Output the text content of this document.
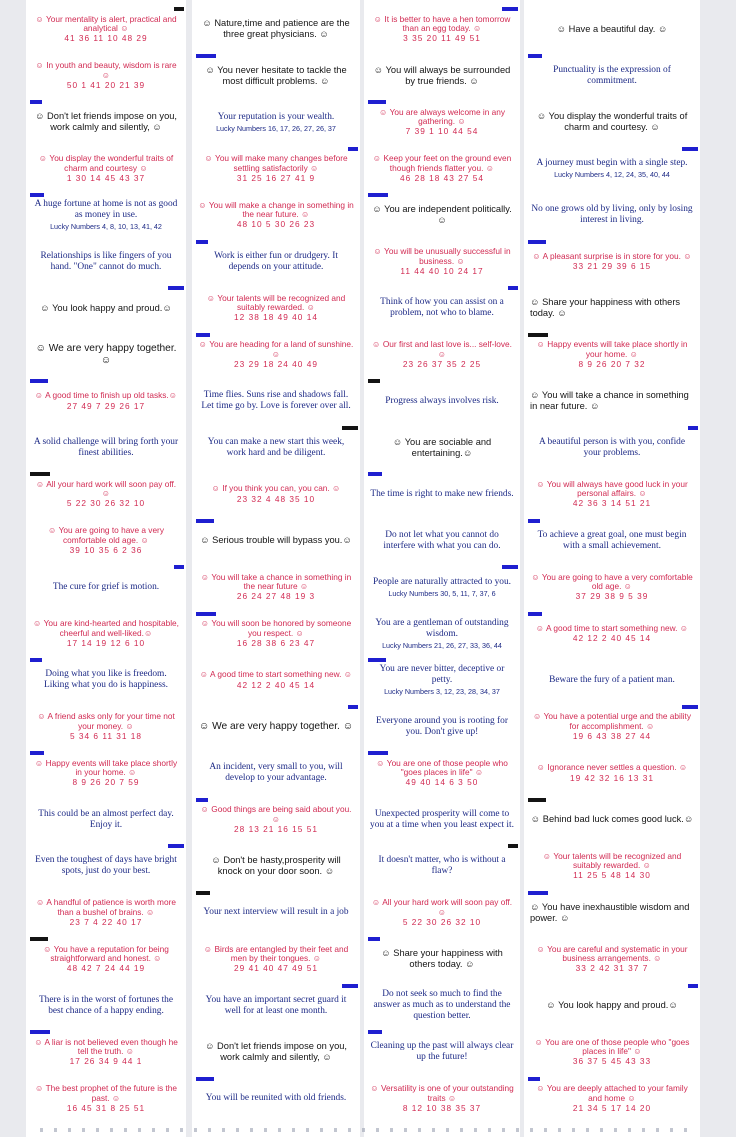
☺ Your mentality is alert, practical and analytical ☺
41 36 11 10 48 29
☺ In youth and beauty, wisdom is rare ☺
50 1 41 20 21 39
☺ Don't let friends impose on you, work calmly and silently, ☺
☺ You display the wonderful traits of charm and courtesy ☺
1 30 14 45 43 37
A huge fortune at home is not as good as money in use.
Lucky Numbers 4, 8, 10, 13, 41, 42
Relationships is like fingers of you hand. "One" cannot do much.
☺ You look happy and proud.☺
☺ We are very happy together. ☺
☺ A good time to finish up old tasks.☺
27 49 7 29 26 17
A solid challenge will bring forth your finest abilities.
☺ All your hard work will soon pay off. ☺
5 22 30 26 32 10
☺ You are going to have a very comfortable old age. ☺
39 10 35 6 2 36
The cure for grief is motion.
☺ You are kind-hearted and hospitable, cheerful and well-liked.☺
17 14 19 12 6 10
Doing what you like is freedom. Liking what you do is happiness.
☺ A friend asks only for your time not your money. ☺
5 34 6 11 31 18
☺ Happy events will take place shortly in your home. ☺
8 9 26 20 7 59
This could be an almost perfect day. Enjoy it.
Even the toughest of days have bright spots, just do your best.
☺ A handful of patience is worth more than a bushel of brains. ☺
23 7 4 22 40 17
☺ You have a reputation for being straightforward and honest. ☺
48 42 7 24 44 19
There is in the worst of fortunes the best chance of a happy ending.
☺ A liar is not believed even though he tell the truth. ☺
17 26 34 9 44 1
☺ The best prophet of the future is the past. ☺
16 45 31 8 25 51
☺ Nature,time and patience are the three great physicians. ☺
☺ You never hesitate to tackle the most difficult problems. ☺
Your reputation is your wealth.
Lucky Numbers 16, 17, 26, 27, 26, 37
☺ You will make many changes before settling satisfactorily ☺
31 25 16 27 41 9
☺ You will make a change in something in the near future. ☺
48 10 5 30 26 23
Work is either fun or drudgery. It depends on your attitude.
☺ Your talents will be recognized and suitably rewarded. ☺
12 38 18 49 40 14
☺ You are heading for a land of sunshine. ☺
23 29 18 24 40 49
Time flies. Suns rise and shadows fall. Let time go by. Love is forever over all.
You can make a new start this week, work hard and be diligent.
☺ If you think you can, you can. ☺
23 32 4 48 35 10
☺ Serious trouble will bypass you.☺
☺ You will take a chance in something in the near future ☺
26 24 27 48 19 3
☺ You will soon be honored by someone you respect. ☺
16 28 38 6 23 47
☺ A good time to start something new. ☺
42 12 2 40 45 14
☺ We are very happy together. ☺
An incident, very small to you, will develop to your advantage.
☺ Good things are being said about you. ☺
28 13 21 16 15 51
☺ Don't be hasty,prosperity will knock on your door soon. ☺
Your next interview will result in a job
☺ Birds are entangled by their feet and men by their tongues. ☺
29 41 40 47 49 51
You have an important secret guard it well for at least one month.
☺ Don't let friends impose on you, work calmly and silently, ☺
You will be reunited with old friends.
☺ It is better to have a hen tomorrow than an egg today. ☺
3 35 20 11 49 51
☺ You will always be surrounded by true friends. ☺
☺ You are always welcome in any gathering. ☺
7 39 1 10 44 54
☺ Keep your feet on the ground even though friends flatter you. ☺
46 28 18 43 27 54
☺ You are independent politically. ☺
☺ You will be unusually successful in business. ☺
11 44 40 10 24 17
Think of how you can assist on a problem, not who to blame.
☺ Our first and last love is... self-love. ☺
23 26 37 35 2 25
Progress always involves risk.
☺ You are sociable and entertaining.☺
The time is right to make new friends.
Do not let what you cannot do interfere with what you can do.
People are naturally attracted to you.
Lucky Numbers 30, 5, 11, 7, 37, 6
You are a gentleman of outstanding wisdom.
Lucky Numbers 21, 26, 27, 33, 36, 44
You are never bitter, deceptive or petty.
Lucky Numbers 3, 12, 23, 28, 34, 37
Everyone around you is rooting for you. Don't give up!
☺ You are one of those people who "goes places in life" ☺
49 40 14 6 3 50
Unexpected prosperity will come to you at a time when you least expect it.
It doesn't matter, who is without a flaw?
☺ All your hard work will soon pay off. ☺
5 22 30 26 32 10
☺ Share your happiness with others today. ☺
Do not seek so much to find the answer as much as to understand the question better.
Cleaning up the past will always clear up the future!
☺ Versatility is one of your outstanding traits ☺
8 12 10 38 35 37
☺ Have a beautiful day. ☺
Punctuality is the expression of commitment.
☺ You display the wonderful traits of charm and courtesy. ☺
A journey must begin with a single step.
Lucky Numbers 4, 12, 24, 35, 40, 44
No one grows old by living, only by losing interest in living.
☺ A pleasant surprise is in store for you. ☺
33 21 29 39 6 15
☺ Share your happiness with others today. ☺
☺ Happy events will take place shortly in your home. ☺
8 9 26 20 7 32
☺ You will take a chance in something in near future. ☺
A beautiful person is with you, confide your problems.
☺ You will always have good luck in your personal affairs. ☺
42 36 3 14 51 21
To achieve a great goal, one must begin with a small achievement.
☺ You are going to have a very comfortable old age. ☺
37 29 38 9 5 39
☺ A good time to start something new. ☺
42 12 2 40 45 14
Beware the fury of a patient man.
☺ You have a potential urge and the ability for accomplishment. ☺
19 6 43 38 27 44
☺ Ignorance never settles a question. ☺
19 42 32 16 13 31
☺ Behind bad luck comes good luck.☺
☺ Your talents will be recognized and suitably rewarded. ☺
11 25 5 48 14 30
☺ You have inexhaustible wisdom and power. ☺
☺ You are careful and systematic in your business arrangements. ☺
33 2 42 31 37 7
☺ You look happy and proud.☺
☺ You are one of those people who "goes places in life" ☺
36 37 5 45 43 33
☺ You are deeply attached to your family and home ☺
21 34 5 17 14 20
